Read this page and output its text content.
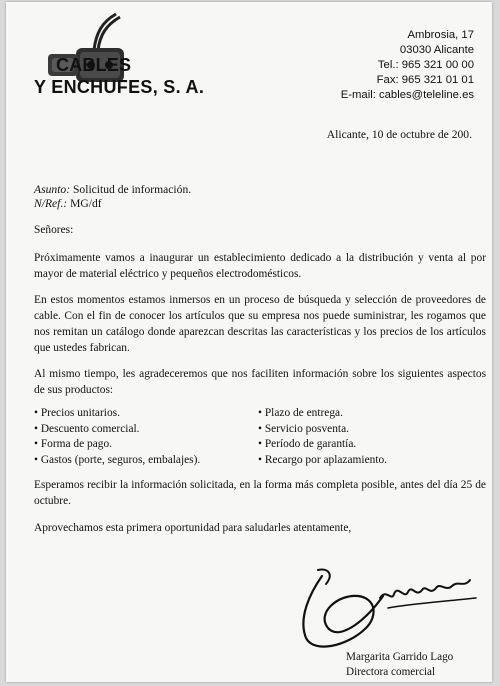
CABLES
Y ENCHUFES, S. A.
Ambrosia, 17
03030 Alicante
Tel.: 965 321 00 00
Fax: 965 321 01 01
E-mail: cables@teleline.es
Alicante, 10 de octubre de 200.
Asunto: Solicitud de información.
N/Ref.: MG/df
Señores:
Próximamente vamos a inaugurar un establecimiento dedicado a la distribución y venta al por mayor de material eléctrico y pequeños electrodomésticos.
En estos momentos estamos inmersos en un proceso de búsqueda y selección de proveedores de cable. Con el fin de conocer los artículos que su empresa nos puede suministrar, les rogamos que nos remitan un catálogo donde aparezcan descritas las características y los precios de los artículos que ustedes fabrican.
Al mismo tiempo, les agradeceremos que nos faciliten información sobre los siguientes aspectos de sus productos:
• Precios unitarios.
• Descuento comercial.
• Forma de pago.
• Gastos (porte, seguros, embalajes).
• Plazo de entrega.
• Servicio posventa.
• Período de garantía.
• Recargo por aplazamiento.
Esperamos recibir la información solicitada, en la forma más completa posible, antes del día 25 de octubre.
Aprovechamos esta primera oportunidad para saludarles atentamente,
Margarita Garrido Lago
Directora comercial
